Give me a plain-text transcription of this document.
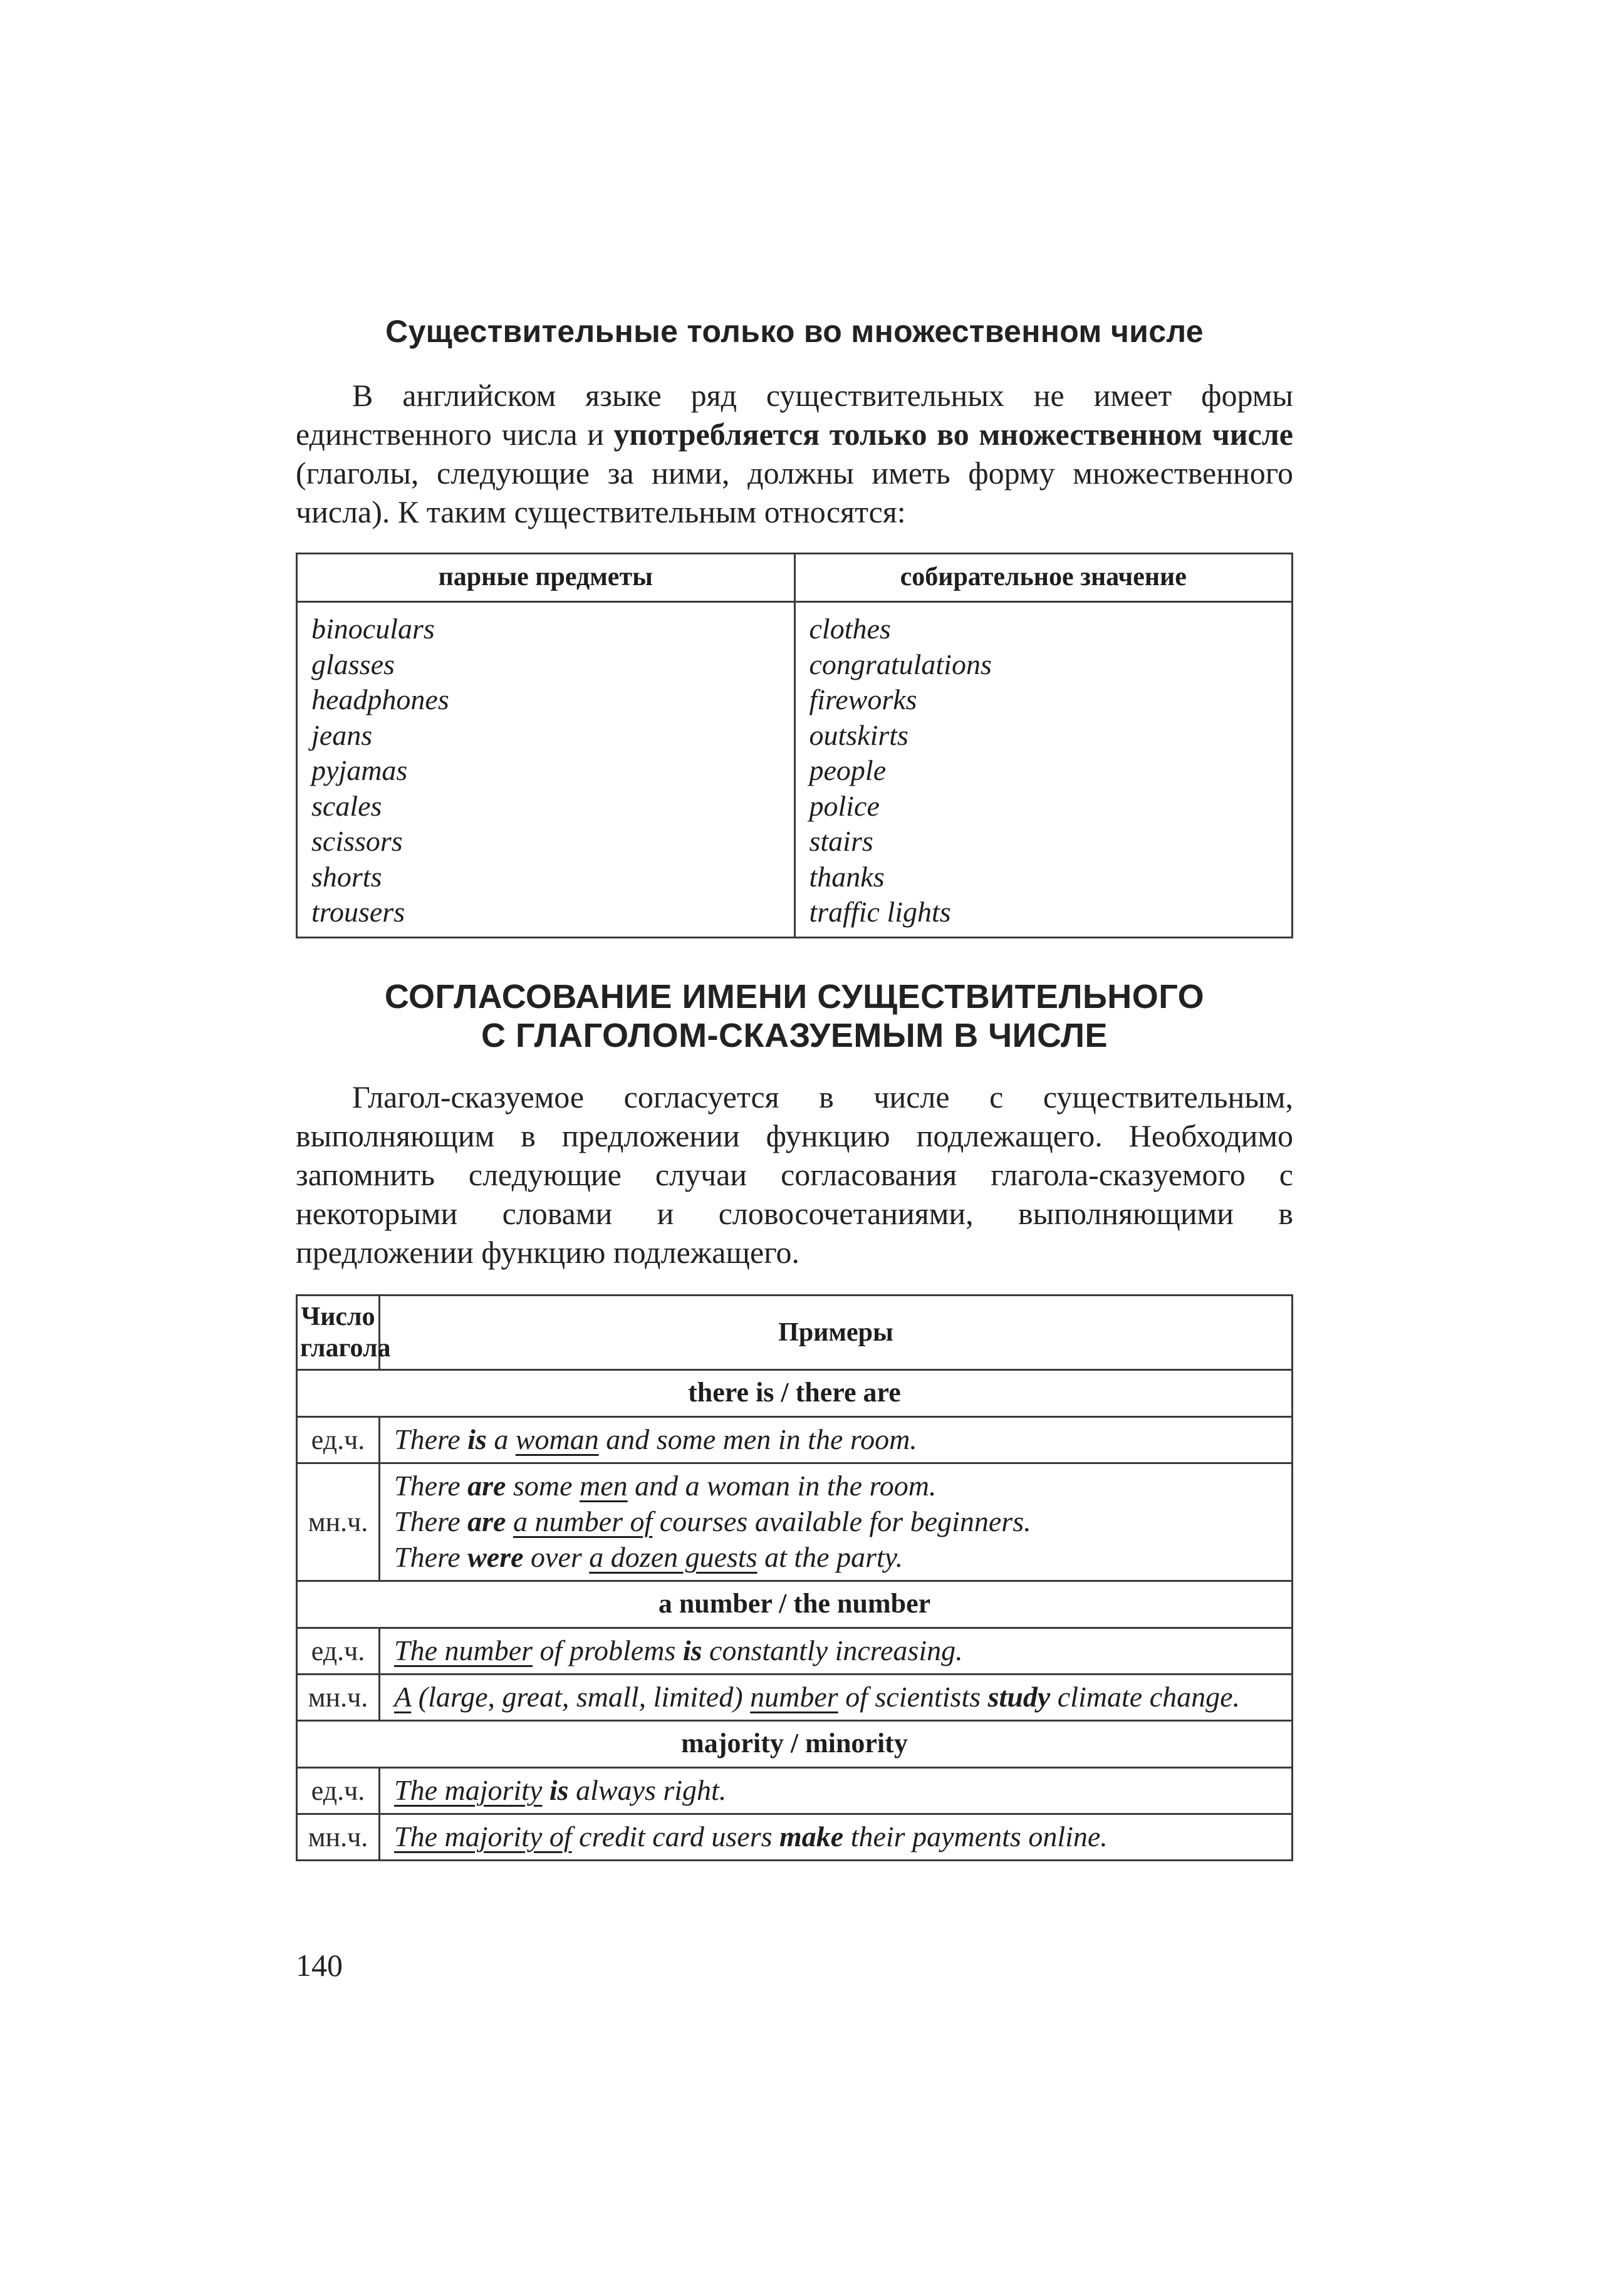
Существительные только во множественном числе

В английском языке ряд существительных не имеет формы единственного числа и употребляется только во множественном числе (глаголы, следующие за ними, должны иметь форму множественного числа). К таким существительным относятся:

парные предметы	собирательное значение

binoculars
glasses
headphones
jeans
pyjamas
scales
scissors
shorts
trousers

clothes
congratulations
fireworks
outskirts
people
police
stairs
thanks
traffic lights
СОГЛАСОВАНИЕ ИМЕНИ СУЩЕСТВИТЕЛЬНОГО
С ГЛАГОЛОМ-СКАЗУЕМЫМ В ЧИСЛЕ

Глагол-сказуемое согласуется в числе с существительным, выполняющим в предложении функцию подлежащего. Необходимо запомнить следующие случаи согласования глагола-сказуемого с некоторыми словами и словосочетаниями, выполняющими в предложении функцию подлежащего.

Число глагола	Примеры
there is / there are	
ед.ч.	There is a woman and some men in the room.

мн.ч.	There are some men and a woman in the room.
There are a number of courses available for beginners.
There were over a dozen guests at the party.

a number / the number	
ед.ч.	The number of problems is constantly increasing.

мн.ч.	A (large, great, small, limited) number of scientists study climate change.

majority / minority	
ед.ч.	The majority is always right.

мн.ч.	The majority of credit card users make their payments online.

140
